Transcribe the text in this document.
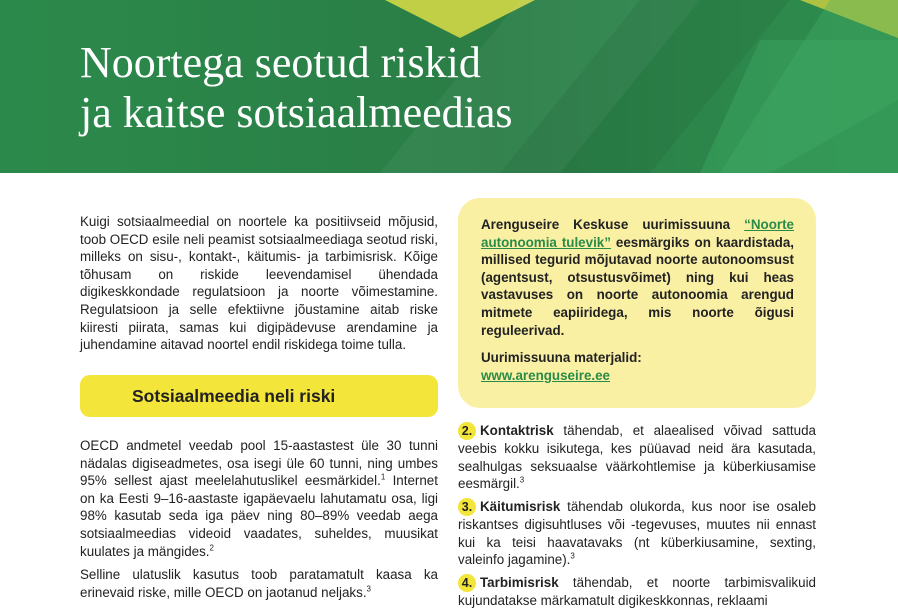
Noortega seotud riskid
ja kaitse sotsiaalmeedias

Kuigi sotsiaalmeedial on noortele ka positiivseid mõjusid, toob OECD esile neli peamist sotsiaalmeediaga seotud riski, milleks on sisu-, kontakt-, käitumis- ja tarbimisrisk. Kõige tõhusam on riskide leevendamisel ühendada digikeskkondade regulatsioon ja noorte võimestamine. Regulatsioon ja selle efektiivne jõustamine aitab riske kiiresti piirata, samas kui digipädevuse arendamine ja juhendamine aitavad noortel endil riskidega toime tulla.

Sotsiaalmeedia neli riski

OECD andmetel veedab pool 15-aastastest üle 30 tunni nädalas digiseadmetes, osa isegi üle 60 tunni, ning umbes 95% sellest ajast meelelahutuslikel eesmärkidel.$^1$ Internet on ka Eesti 9–16-aastaste igapäevaelu lahutamatu osa, ligi 98% kasutab seda iga päev ning 80–89% veedab aega sotsiaalmeedias videoid vaadates, suheldes, muusikat kuulates ja mängides.$^2$

Selline ulatuslik kasutus toob paratamatult kaasa ka erinevaid riske, mille OECD on jaotanud neljaks.$^3$

Arenguseire Keskuse uurimissuuna “Noorte autonoomia tulevik” eesmärgiks on kaardistada, millised tegurid mõjutavad noorte autonoomsust (agentsust, otsustusvõimet) ning kui heas vastavuses on noorte autonoomia arengud mitmete eapiiridega, mis noorte õigusi reguleerivad.

Uurimissuuna materjalid:

www.arenguseire.ee

2. Kontaktrisk tähendab, et alaealised võivad sattuda veebis kokku isikutega, kes püüavad neid ära kasutada, sealhulgas seksuaalse väärkohtlemise ja küberkiusamise eesmärgil.$^3$

3. Käitumisrisk tähendab olukorda, kus noor ise osaleb riskantses digisuhtluses või -tegevuses, muutes nii ennast kui ka teisi haavatavaks (nt küberkiusamine, sexting, valeinfo jagamine).$^3$

4. Tarbimisrisk tähendab, et noorte tarbimisvalikuid kujundatakse märkamatult digikeskkonnas, reklaami
